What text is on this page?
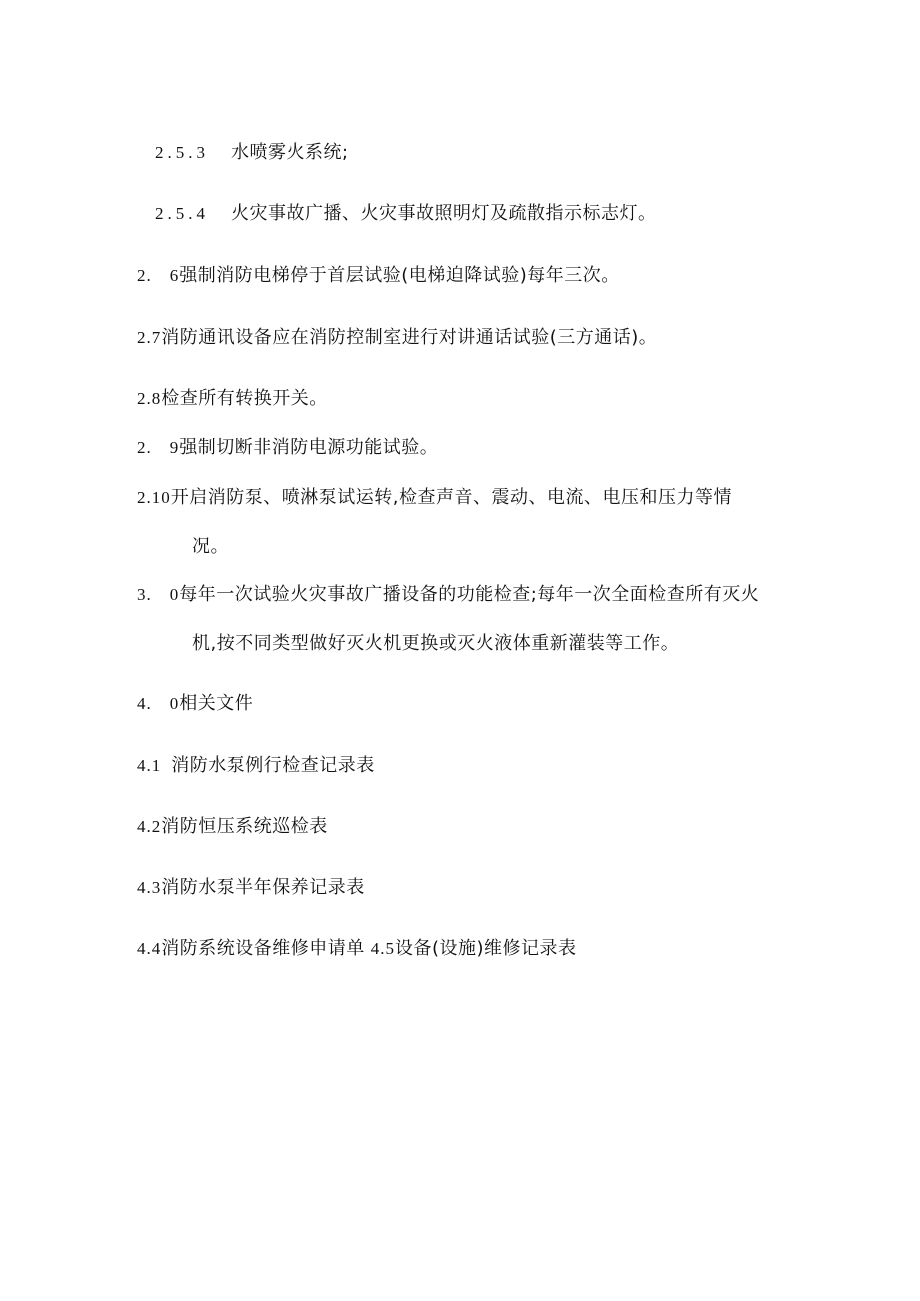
2.5.3 水喷雾火系统;
2.5.4 火灾事故广播、火灾事故照明灯及疏散指示标志灯。
2.　6强制消防电梯停于首层试验(电梯迫降试验)每年三次。
2.7消防通讯设备应在消防控制室进行对讲通话试验(三方通话)。
2.8检查所有转换开关。
2.　9强制切断非消防电源功能试验。
2.10开启消防泵、喷淋泵试运转,检查声音、震动、电流、电压和压力等情
况。
3.　0每年一次试验火灾事故广播设备的功能检查;每年一次全面检查所有灭火
机,按不同类型做好灭火机更换或灭火液体重新灌装等工作。
4.　0相关文件
4.1 消防水泵例行检查记录表
4.2消防恒压系统巡检表
4.3消防水泵半年保养记录表
4.4消防系统设备维修申请单 4.5设备(设施)维修记录表
